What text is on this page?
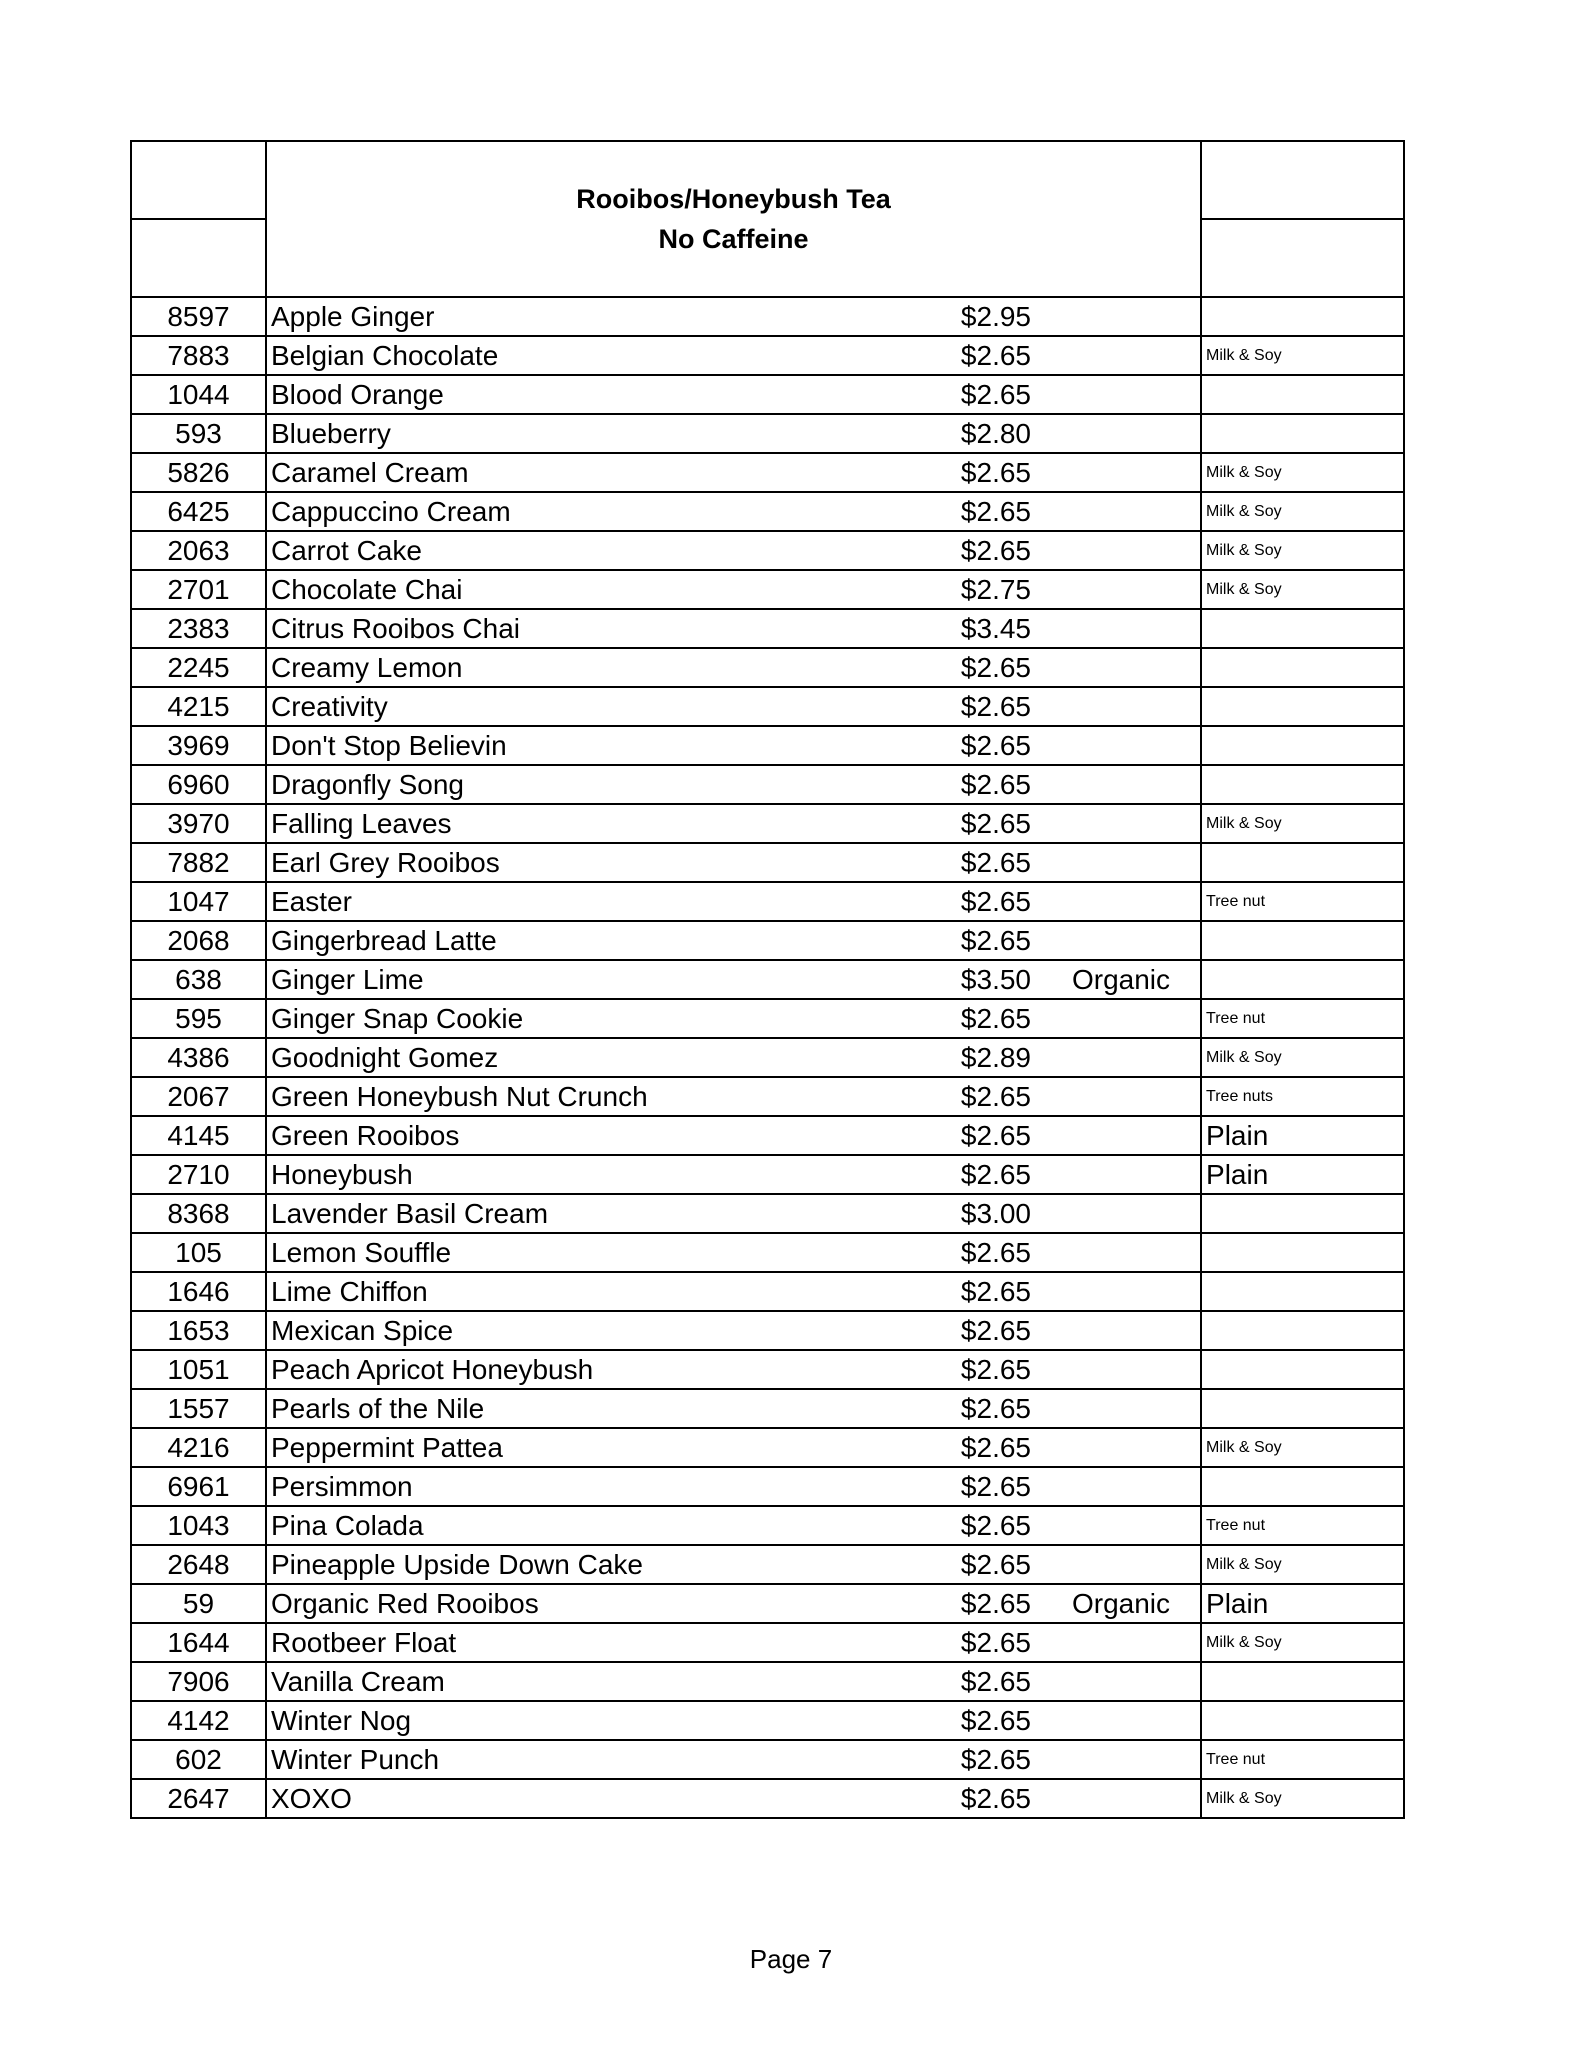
	Rooibos/Honeybush Tea
No Caffeine			

8597	Apple Ginger	$2.95		
7883	Belgian Chocolate	$2.65		Milk & Soy
1044	Blood Orange	$2.65		
593	Blueberry	$2.80		
5826	Caramel Cream	$2.65		Milk & Soy
6425	Cappuccino Cream	$2.65		Milk & Soy
2063	Carrot Cake	$2.65		Milk & Soy
2701	Chocolate Chai	$2.75		Milk & Soy
2383	Citrus Rooibos Chai	$3.45		
2245	Creamy Lemon	$2.65		
4215	Creativity	$2.65		
3969	Don't Stop Believin	$2.65		
6960	Dragonfly Song	$2.65		
3970	Falling Leaves	$2.65		Milk & Soy
7882	Earl Grey Rooibos	$2.65		
1047	Easter	$2.65		Tree nut
2068	Gingerbread Latte	$2.65		
638	Ginger Lime	$3.50	Organic	
595	Ginger Snap Cookie	$2.65		Tree nut
4386	Goodnight Gomez	$2.89		Milk & Soy
2067	Green Honeybush Nut Crunch	$2.65		Tree nuts
4145	Green Rooibos	$2.65		Plain
2710	Honeybush	$2.65		Plain
8368	Lavender Basil Cream	$3.00		
105	Lemon Souffle	$2.65		
1646	Lime Chiffon	$2.65		
1653	Mexican Spice	$2.65		
1051	Peach Apricot Honeybush	$2.65		
1557	Pearls of the Nile	$2.65		
4216	Peppermint Pattea	$2.65		Milk & Soy
6961	Persimmon	$2.65		
1043	Pina Colada	$2.65		Tree nut
2648	Pineapple Upside Down Cake	$2.65		Milk & Soy
59	Organic Red Rooibos	$2.65	Organic	Plain
1644	Rootbeer Float	$2.65		Milk & Soy
7906	Vanilla Cream	$2.65		
4142	Winter Nog	$2.65		
602	Winter Punch	$2.65		Tree nut
2647	XOXO	$2.65		Milk & Soy
Page 7
